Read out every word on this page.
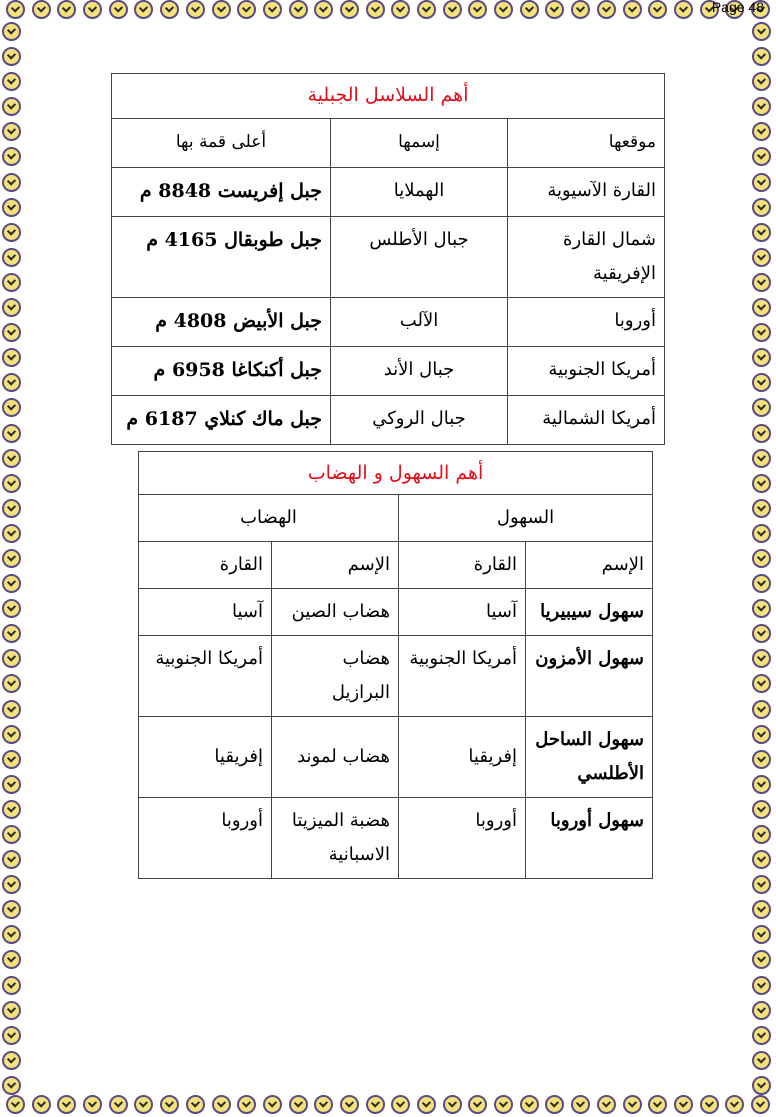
Page 48
أهم السلاسل الجبلية		
موقعها	إسمها	أعلى قمة بها
القارة الآسيوية	الهملايا	جبل إفريست 8848 م
شمال القارة الإفريقية	جبال الأطلس	جبل طوبقال 4165 م
أوروبا	الآلب	جبل الأبيض 4808 م
أمريكا الجنوبية	جبال الأند	جبل أكنكاغا 6958 م
أمريكا الشمالية	جبال الروكي	جبل ماك كنلاي 6187 م
أهم السهول و الهضاب			
السهول		الهضاب	
الإسم	القارة	الإسم	القارة
سهول سيبيريا	آسيا	هضاب الصين	آسيا
سهول الأمزون	أمريكا الجنوبية	هضاب البرازيل	أمريكا الجنوبية
سهول الساحل الأطلسي	إفريقيا	هضاب لموند	إفريقيا
سهول أوروبا	أوروبا	هضبة الميزيتا الاسبانية	أوروبا
